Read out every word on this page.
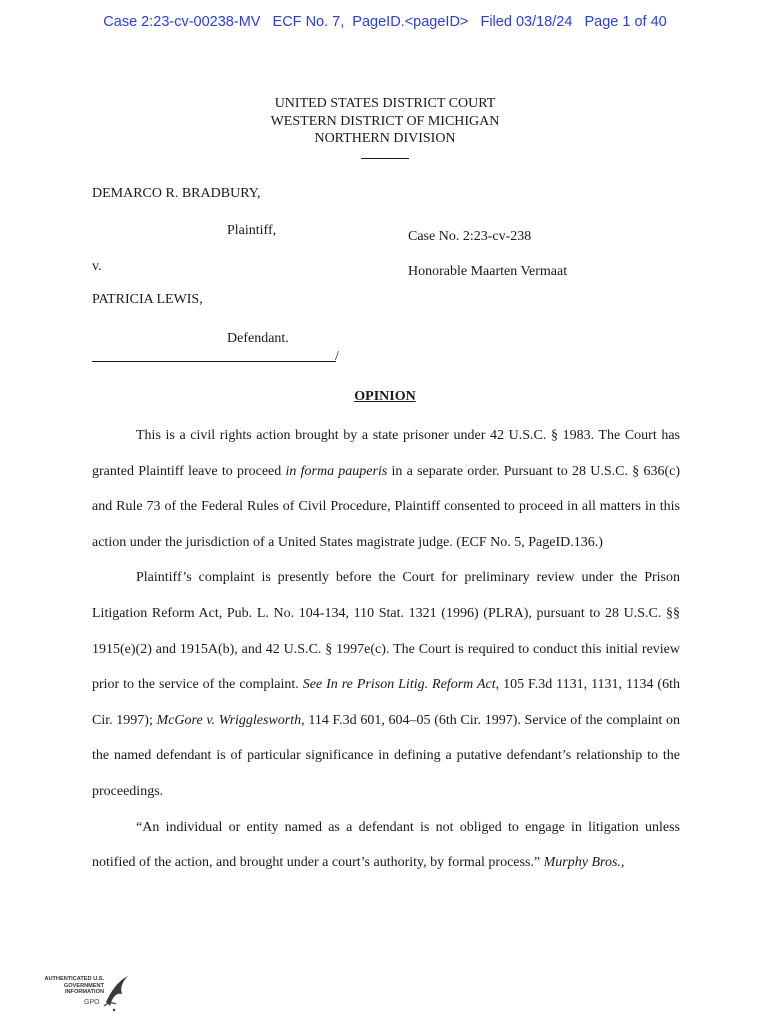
Case 2:23-cv-00238-MV   ECF No. 7,  PageID.<pageID>   Filed 03/18/24   Page 1 of 40
UNITED STATES DISTRICT COURT
WESTERN DISTRICT OF MICHIGAN
NORTHERN DIVISION
DEMARCO R. BRADBURY,
Plaintiff,	Case No. 2:23-cv-238
v.	Honorable Maarten Vermaat
PATRICIA LEWIS,
Defendant.
/
OPINION

This is a civil rights action brought by a state prisoner under 42 U.S.C. § 1983. The Court has granted Plaintiff leave to proceed in forma pauperis in a separate order. Pursuant to 28 U.S.C. § 636(c) and Rule 73 of the Federal Rules of Civil Procedure, Plaintiff consented to proceed in all matters in this action under the jurisdiction of a United States magistrate judge. (ECF No. 5, PageID.136.)

Plaintiff’s complaint is presently before the Court for preliminary review under the Prison Litigation Reform Act, Pub. L. No. 104-134, 110 Stat. 1321 (1996) (PLRA), pursuant to 28 U.S.C. §§ 1915(e)(2) and 1915A(b), and 42 U.S.C. § 1997e(c). The Court is required to conduct this initial review prior to the service of the complaint. See In re Prison Litig. Reform Act, 105 F.3d 1131, 1131, 1134 (6th Cir. 1997); McGore v. Wrigglesworth, 114 F.3d 601, 604–05 (6th Cir. 1997). Service of the complaint on the named defendant is of particular significance in defining a putative defendant’s relationship to the proceedings.

“An individual or entity named as a defendant is not obliged to engage in litigation unless notified of the action, and brought under a court’s authority, by formal process.” Murphy Bros.,

AUTHENTICATED U.S. GOVERNMENT INFORMATION
GPO
